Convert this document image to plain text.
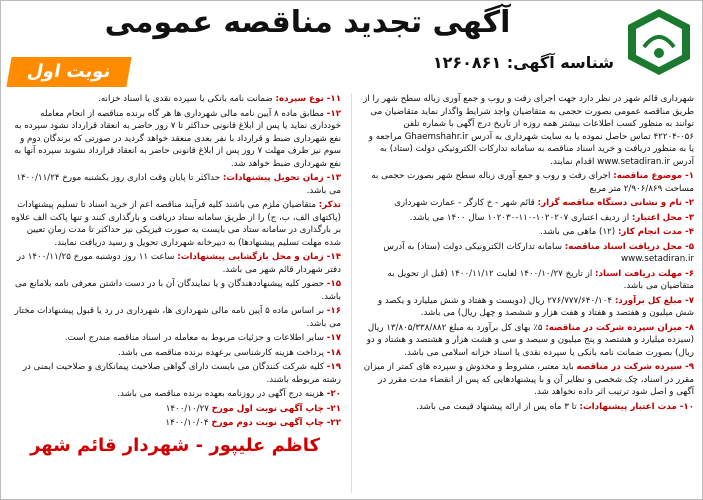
آگهی تجدید مناقصه عمومی
شناسه آگهی: ۱۲۶۰۸۶۱
نوبت اول

شهرداری قائم شهر در نظر دارد جهت اجرای رفت و روب و جمع آوری زباله سطح شهر را از طریق مناقصه عمومی بصورت حجمی به متقاضیان واجد شرایط واگذار نماید متقاضیان می توانند به منظور کسب اطلاعات بیشتر همه روزه از تاریخ درج آگهی با شماره تلفن ۰۵۶-۴۲۲۰۴ تماس حاصل نموده یا به سایت شهرداری به آدرس Ghaemshahr.ir مراجعه و یا به منظور دریافت و خرید اسناد مناقصه به سامانه تدارکات الکترونیکی دولت (ستاد) به آدرس www.setadiran.ir اقدام نمایند.

۱- موضوع مناقصه: اجرای رفت و روب و جمع آوری زباله سطح شهر بصورت حجمی به مساحت ۲/۹۰۶/۸۶۹ متر مربع

۲- نام و نشانی دستگاه مناقصه گزار: قائم شهر - خ کارگر - عمارت شهرداری

۳- محل اعتبار: از ردیف اعتباری ۱۰۲۰۲۰۷-۱۱۰-۱۰۲۰۳۰ سال ۱۴۰۰ می باشد.

۴- مدت انجام کار: (۱۲) ماهی می باشد.

۵- محل دریافت اسناد مناقصه: سامانه تدارکات الکترونیکی دولت (ستاد) به آدرس www.setadiran.ir

۶- مهلت دریافت اسناد: از تاریخ ۱۴۰۰/۱۰/۲۷ لغایت ۱۴۰۰/۱۱/۱۲ (قبل از تحویل به متقاضیان می باشد.

۷- مبلغ کل برآورد: ۲۷۶/۷۷۷/۶۴۰/۱۰۴ ریال (دویست و هفتاد و شش میلیارد و یکصد و شش میلیون و هفتصد و هفتاد و هفت هزار و ششصد و چهل ریال) می باشد.

۸- میزان سپرده شرکت در مناقصه: ۵٪ بهای کل برآورد به مبلغ ۱۳/۸۰۵/۳۳۸/۸۸۲ ریال (سیزده میلیارد و هشتصد و پنج میلیون و سیصد و سی و هشت هزار و هشتصد و هشتاد و دو ریال) بصورت ضمانت نامه بانکی یا سپرده نقدی یا اسناد خزانه اسلامی می باشد.

۹- سپرده شرکت در مناقصه باید معتبر، مشروط و مخدوش و سپرده های کمتر از میزان مقرر در اسناد، چک شخصی و نظایر آن و با پیشنهادهایی که پس از انقضاء مدت مقرر در آگهی و اصل شود ترتیب اثر داده نخواهد شد.

۱۰- مدت اعتبار پیشنهادات: تا ۳ ماه پس از ارائه پیشنهاد قیمت می باشد.

۱۱- نوع سپرده: ضمانت نامه بانکی یا سپرده نقدی یا اسناد خزانه.

۱۲- مطابق ماده ۸ آیین نامه مالی شهرداری ها هر گاه برنده مناقصه از انجام معامله خودداری نماید یا پس از ابلاغ قانونی حداکثر تا ۷ روز حاضر به انعقاد قرارداد نشود سپرده به نفع شهرداری ضبط و قرارداد با نفر بعدی منعقد خواهد گردید در صورتی که برندگان دوم و سوم نیز ظرف مهلت ۷ روز پس از ابلاغ قانونی حاضر به انعقاد قرارداد نشوند سپرده آنها به نفع شهرداری ضبط خواهد شد.

۱۳- زمان تحویل پیشنهادات: حداکثر تا پایان وقت اداری روز یکشنبه مورخ ۱۴۰۰/۱۱/۲۴ می باشد.

تذکر: متقاضیان ملزم می باشند کلیه فرآیند مناقصه اعم از خرید اسناد تا تسلیم پیشنهادات (پاکتهای الف، ب، ج) را از طریق سامانه ستاد دریافت و بارگذاری کنند و تنها پاکت الف علاوه بر بارگذاری در سامانه ستاد می بایست به صورت فیزیکی نیز حداکثر تا مدت زمان تعیین شده مهلت تسلیم پیشنهادها) به دبیرخانه شهرداری تحویل و رسید دریافت نمایند.

۱۴- زمان و محل بازگشایی پیشنهادات: ساعت ۱۱ روز دوشنبه مورخ ۱۴۰۰/۱۱/۲۵ در دفتر شهردار قائم شهر می باشد.

۱۵- حضور کلیه پیشنهاددهندگان و یا نمایندگان آن با در دست داشتن معرفی نامه بلامانع می باشد.

۱۶- بر اساس ماده ۵ آیین نامه مالی شهرداری ها، شهرداری در رد یا قبول پیشنهادات مختار می باشد.

۱۷- سایر اطلاعات و جزئیات مربوط به معامله در اسناد مناقصه مندرج است.

۱۸- پرداخت هزینه کارشناسی برعهده برنده مناقصه می باشد.

۱۹- کلیه شرکت کنندگان می بایست دارای گواهی صلاحیت پیمانکاری و صلاحیت ایمنی در رشته مربوطه باشند.

۲۰- هزینه درج آگهی در روزنامه بعهده برنده مناقصه می باشد.

۲۱- چاپ آگهی نوبت اول مورخ ۱۴۰۰/۱۰/۲۷

۲۲- چاپ آگهی نوبت دوم مورخ ۱۴۰۰/۱۰/۰۴

کاظم علیپور - شهردار قائم شهر
